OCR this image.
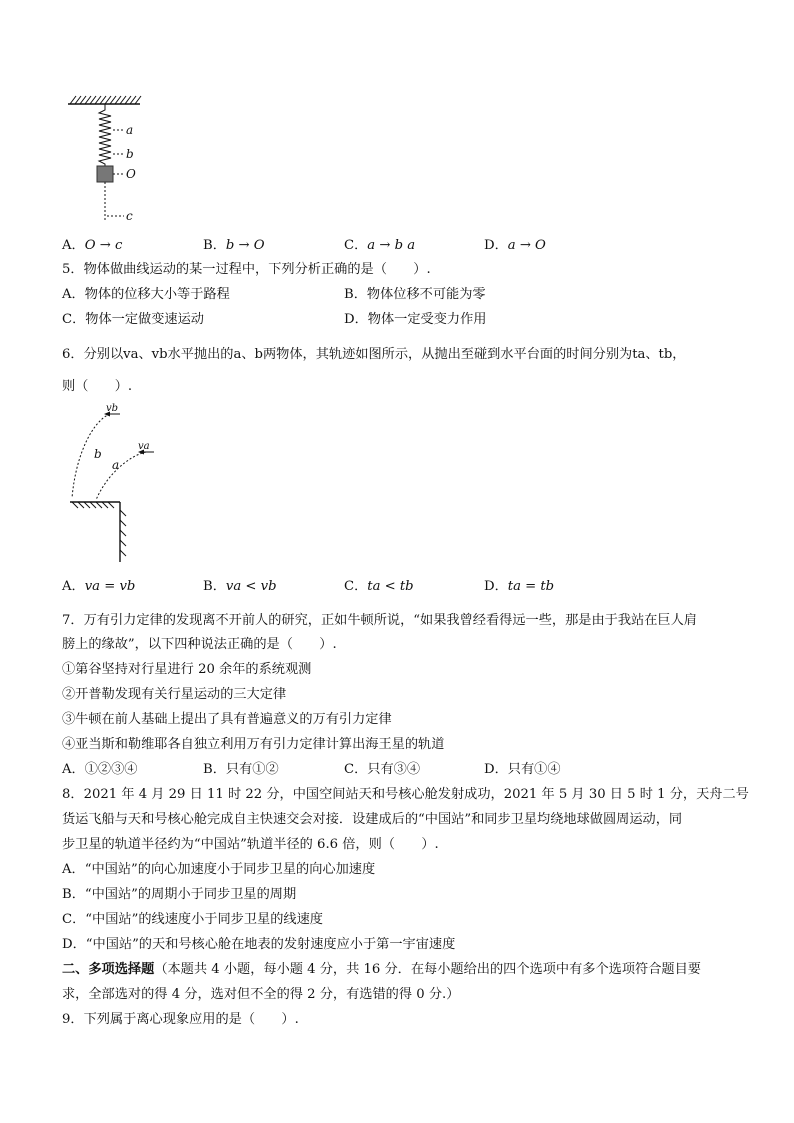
a
b
O
c
A．O → c	B．b → O	C．a → b a	D．a → O
5．物体做曲线运动的某一过程中，下列分析正确的是（　　）.
A．物体的位移大小等于路程	B．物体位移不可能为零
C．物体一定做变速运动	D．物体一定受变力作用
6．分别以va、vb水平抛出的a、b两物体，其轨迹如图所示，从抛出至碰到水平台面的时间分别为ta、tb，
则（　　）.
vb
va
b
a
A．va = vb	B．va < vb	C．ta < tb	D．ta = tb
7．万有引力定律的发现离不开前人的研究，正如牛顿所说，“如果我曾经看得远一些，那是由于我站在巨人肩
膀上的缘故”，以下四种说法正确的是（　　）.
①第谷坚持对行星进行 20 余年的系统观测
②开普勒发现有关行星运动的三大定律
③牛顿在前人基础上提出了具有普遍意义的万有引力定律
④亚当斯和勒维耶各自独立利用万有引力定律计算出海王星的轨道
A．①②③④	B．只有①②	C．只有③④	D．只有①④
8．2021 年 4 月 29 日 11 时 22 分，中国空间站天和号核心舱发射成功，2021 年 5 月 30 日 5 时 1 分，天舟二号
货运飞船与天和号核心舱完成自主快速交会对接．设建成后的“中国站”和同步卫星均绕地球做圆周运动，同
步卫星的轨道半径约为“中国站”轨道半径的 6.6 倍，则（　　）.
A．“中国站”的向心加速度小于同步卫星的向心加速度
B．“中国站”的周期小于同步卫星的周期
C．“中国站”的线速度小于同步卫星的线速度
D．“中国站”的天和号核心舱在地表的发射速度应小于第一宇宙速度
二、多项选择题（本题共 4 小题，每小题 4 分，共 16 分．在每小题给出的四个选项中有多个选项符合题目要
求，全部选对的得 4 分，选对但不全的得 2 分，有选错的得 0 分.）
9．下列属于离心现象应用的是（　　）.
